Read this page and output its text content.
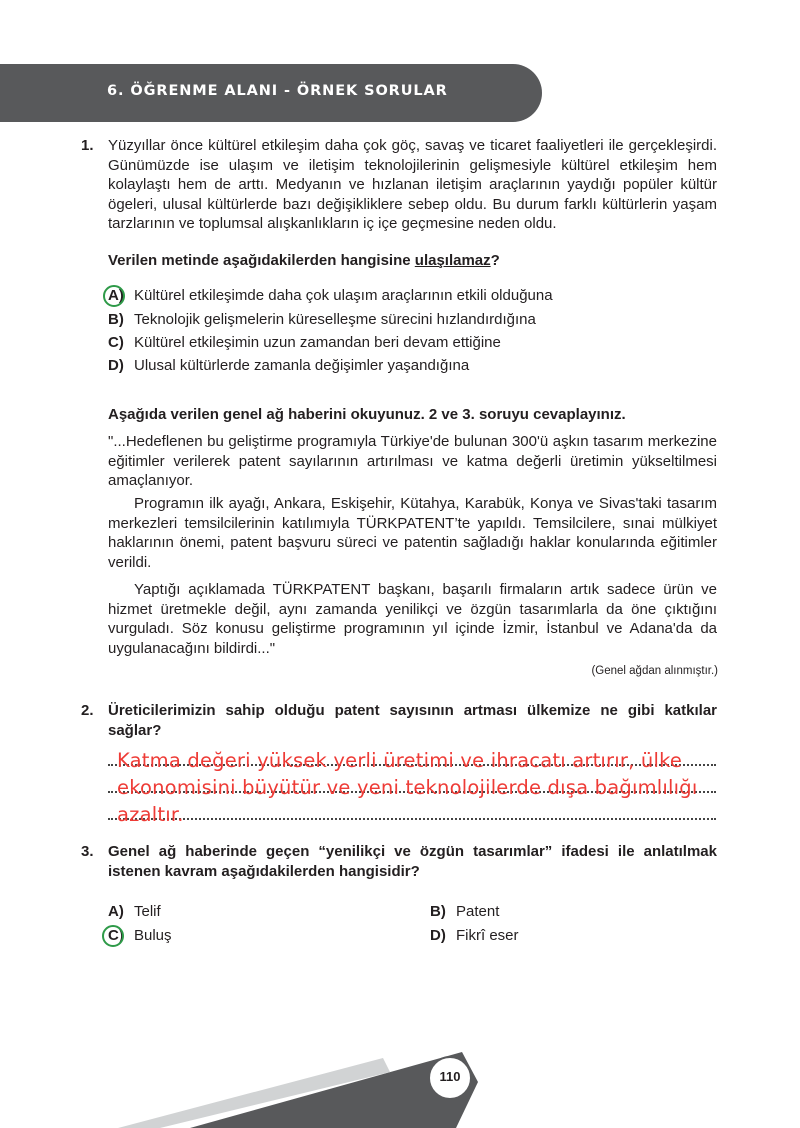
6. ÖĞRENME ALANI - ÖRNEK SORULAR
1. Yüzyıllar önce kültürel etkileşim daha çok göç, savaş ve ticaret faaliyetleri ile gerçekleşirdi. Günümüzde ise ulaşım ve iletişim teknolojilerinin gelişmesiyle kültürel etkileşim hem kolaylaştı hem de arttı. Medyanın ve hızlanan iletişim araçlarının yaydığı popüler kültür ögeleri, ulusal kültürlerde bazı değişikliklere sebep oldu. Bu durum farklı kültürlerin yaşam tarzlarının ve toplumsal alışkanlıkların iç içe geçmesine neden oldu.
Verilen metinde aşağıdakilerden hangisine ulaşılamaz?
A) Kültürel etkileşimde daha çok ulaşım araçlarının etkili olduğuna
B) Teknolojik gelişmelerin küreselleşme sürecini hızlandırdığına
C) Kültürel etkileşimin uzun zamandan beri devam ettiğine
D) Ulusal kültürlerde zamanla değişimler yaşandığına
Aşağıda verilen genel ağ haberini okuyunuz. 2 ve 3. soruyu cevaplayınız.
"...Hedeflenen bu geliştirme programıyla Türkiye'de bulunan 300'ü aşkın tasarım merkezine eğitimler verilerek patent sayılarının artırılması ve katma değerli üretimin yükseltilmesi amaçlanıyor.
Programın ilk ayağı, Ankara, Eskişehir, Kütahya, Karabük, Konya ve Sivas'taki tasarım merkezleri temsilcilerinin katılımıyla TÜRKPATENT’te yapıldı. Temsilcilere, sınai mülkiyet haklarının önemi, patent başvuru süreci ve patentin sağladığı haklar konularında eğitimler verildi.
Yaptığı açıklamada TÜRKPATENT başkanı, başarılı firmaların artık sadece ürün ve hizmet üretmekle değil, aynı zamanda yenilikçi ve özgün tasarımlarla da öne çıktığını vurguladı. Söz konusu geliştirme programının yıl içinde İzmir, İstanbul ve Adana'da da uygulanacağını bildirdi..."
(Genel ağdan alınmıştır.)
2. Üreticilerimizin sahip olduğu patent sayısının artması ülkemize ne gibi katkılar sağlar?
Katma değeri yüksek yerli üretimi ve ihracatı artırır, ülke ekonomisini büyütür ve yeni teknolojilerde dışa bağımlılığı azaltır.
3. Genel ağ haberinde geçen “yenilikçi ve özgün tasarımlar” ifadesi ile anlatılmak istenen kavram aşağıdakilerden hangisidir?
A) Telif	B) Patent
C) Buluş	D) Fikrî eser
110
